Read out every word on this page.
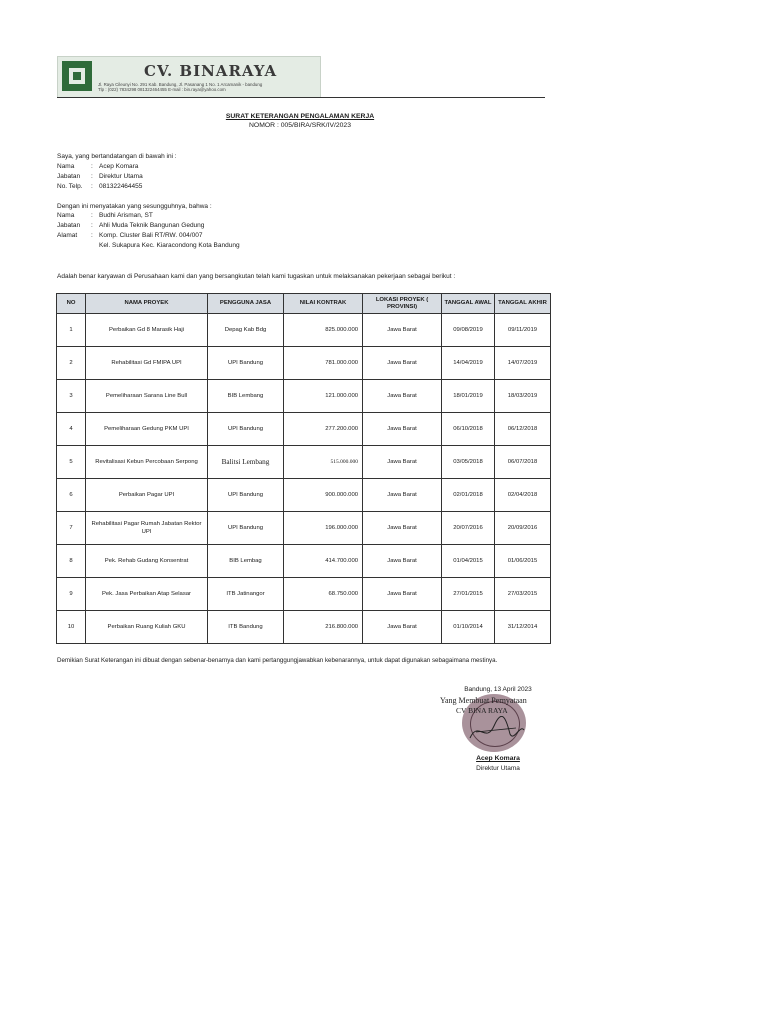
CV. BINARAYA
Jl. Raya Cileunyi No. 291 Kab. Bandung, Jl. Pasanang 1 No. 1 Arcamanik - bandung
Tlp : (022) 7834298 081322464455 E-mail : bin.raya@yahoo.com
SURAT KETERANGAN PENGALAMAN KERJA
NOMOR : 005/BIRA/SRK/IV/2023
Saya, yang bertandatangan di bawah ini :
Nama	: Acep Komara
Jabatan : Direktur Utama
No. Telp. : 081322464455
Dengan ini menyatakan yang sesungguhnya, bahwa :
Nama	: Budhi Arisman, ST
Jabatan : Ahli Muda Teknik Bangunan Gedung
Alamat : Komp. Cluster Bali RT/RW. 004/007
Kel. Sukapura Kec. Kiaracondong Kota Bandung
Adalah benar karyawan di Perusahaan kami dan yang bersangkutan telah kami tugaskan untuk melaksanakan pekerjaan sebagai berikut :
NO	NAMA PROYEK	PENGGUNA JASA	NILAI KONTRAK	LOKASI PROYEK ( PROVINSI)	TANGGAL AWAL	TANGGAL AKHIR
1	Perbaikan Gd 8 Marasik Haji	Depag Kab Bdg	825.000.000	Jawa Barat	09/08/2019	09/11/2019
2	Rehabilitasi Gd FMIPA UPI	UPI Bandung	781.000.000	Jawa Barat	14/04/2019	14/07/2019
3	Pemeliharaan Sarana Line Bull	BIB Lembang	121.000.000	Jawa Barat	18/01/2019	18/03/2019
4	Pemeliharaan Gedung PKM UPI	UPI Bandung	277.200.000	Jawa Barat	06/10/2018	06/12/2018
5	Revitalisasi Kebun Percobaan Serpong	Balitsi Lembang	515.000.000	Jawa Barat	03/05/2018	06/07/2018
6	Perbaikan Pagar UPI	UPI Bandung	900.000.000	Jawa Barat	02/01/2018	02/04/2018
7	Rehabilitasi Pagar Rumah Jabatan Rektor UPI	UPI Bandung	196.000.000	Jawa Barat	20/07/2016	20/09/2016
8	Pek. Rehab Gudang Konsentrat	BIB Lembag	414.700.000	Jawa Barat	01/04/2015	01/06/2015
9	Pek. Jasa Perbaikan Atap Selasar	ITB Jatinangor	68.750.000	Jawa Barat	27/01/2015	27/03/2015
10	Perbaikan Ruang Kuliah GKU	ITB Bandung	216.800.000	Jawa Barat	01/10/2014	31/12/2014
Demikian Surat Keterangan ini dibuat dengan sebenar-benarnya dan kami pertanggungjawabkan kebenarannya, untuk dapat digunakan sebagaimana mestinya.
Bandung, 13 April 2023
Yang Membuat Pernyataan
CV BINA RAYA
Acep Komara
Direktur Utama
